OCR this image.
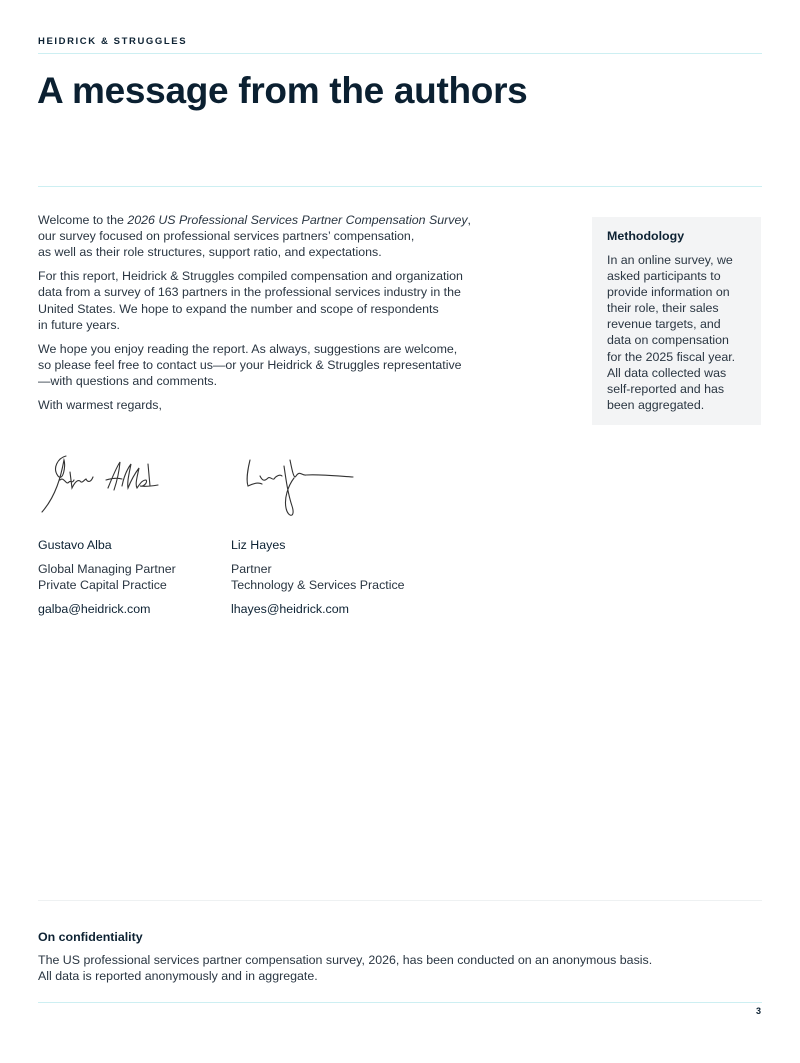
HEIDRICK & STRUGGLES
A message from the authors

Welcome to the 2026 US Professional Services Partner Compensation Survey,
our survey focused on professional services partners’ compensation,
as well as their role structures, support ratio, and expectations.

For this report, Heidrick & Struggles compiled compensation and organization
data from a survey of 163 partners in the professional services industry in the
United States. We hope to expand the number and scope of respondents
in future years.

We hope you enjoy reading the report. As always, suggestions are welcome,
so please feel free to contact us—or your Heidrick & Struggles representative
—with questions and comments.

With warmest regards,

Methodology
In an online survey, we
asked participants to
provide information on
their role, their sales
revenue targets, and
data on compensation
for the 2025 fiscal year.
All data collected was
self-reported and has
been aggregated.
Gustavo Alba
Global Managing Partner
Private Capital Practice
galba@heidrick.com
Liz Hayes
Partner
Technology & Services Practice
lhayes@heidrick.com
On confidentiality
The US professional services partner compensation survey, 2026, has been conducted on an anonymous basis.
All data is reported anonymously and in aggregate.
3
